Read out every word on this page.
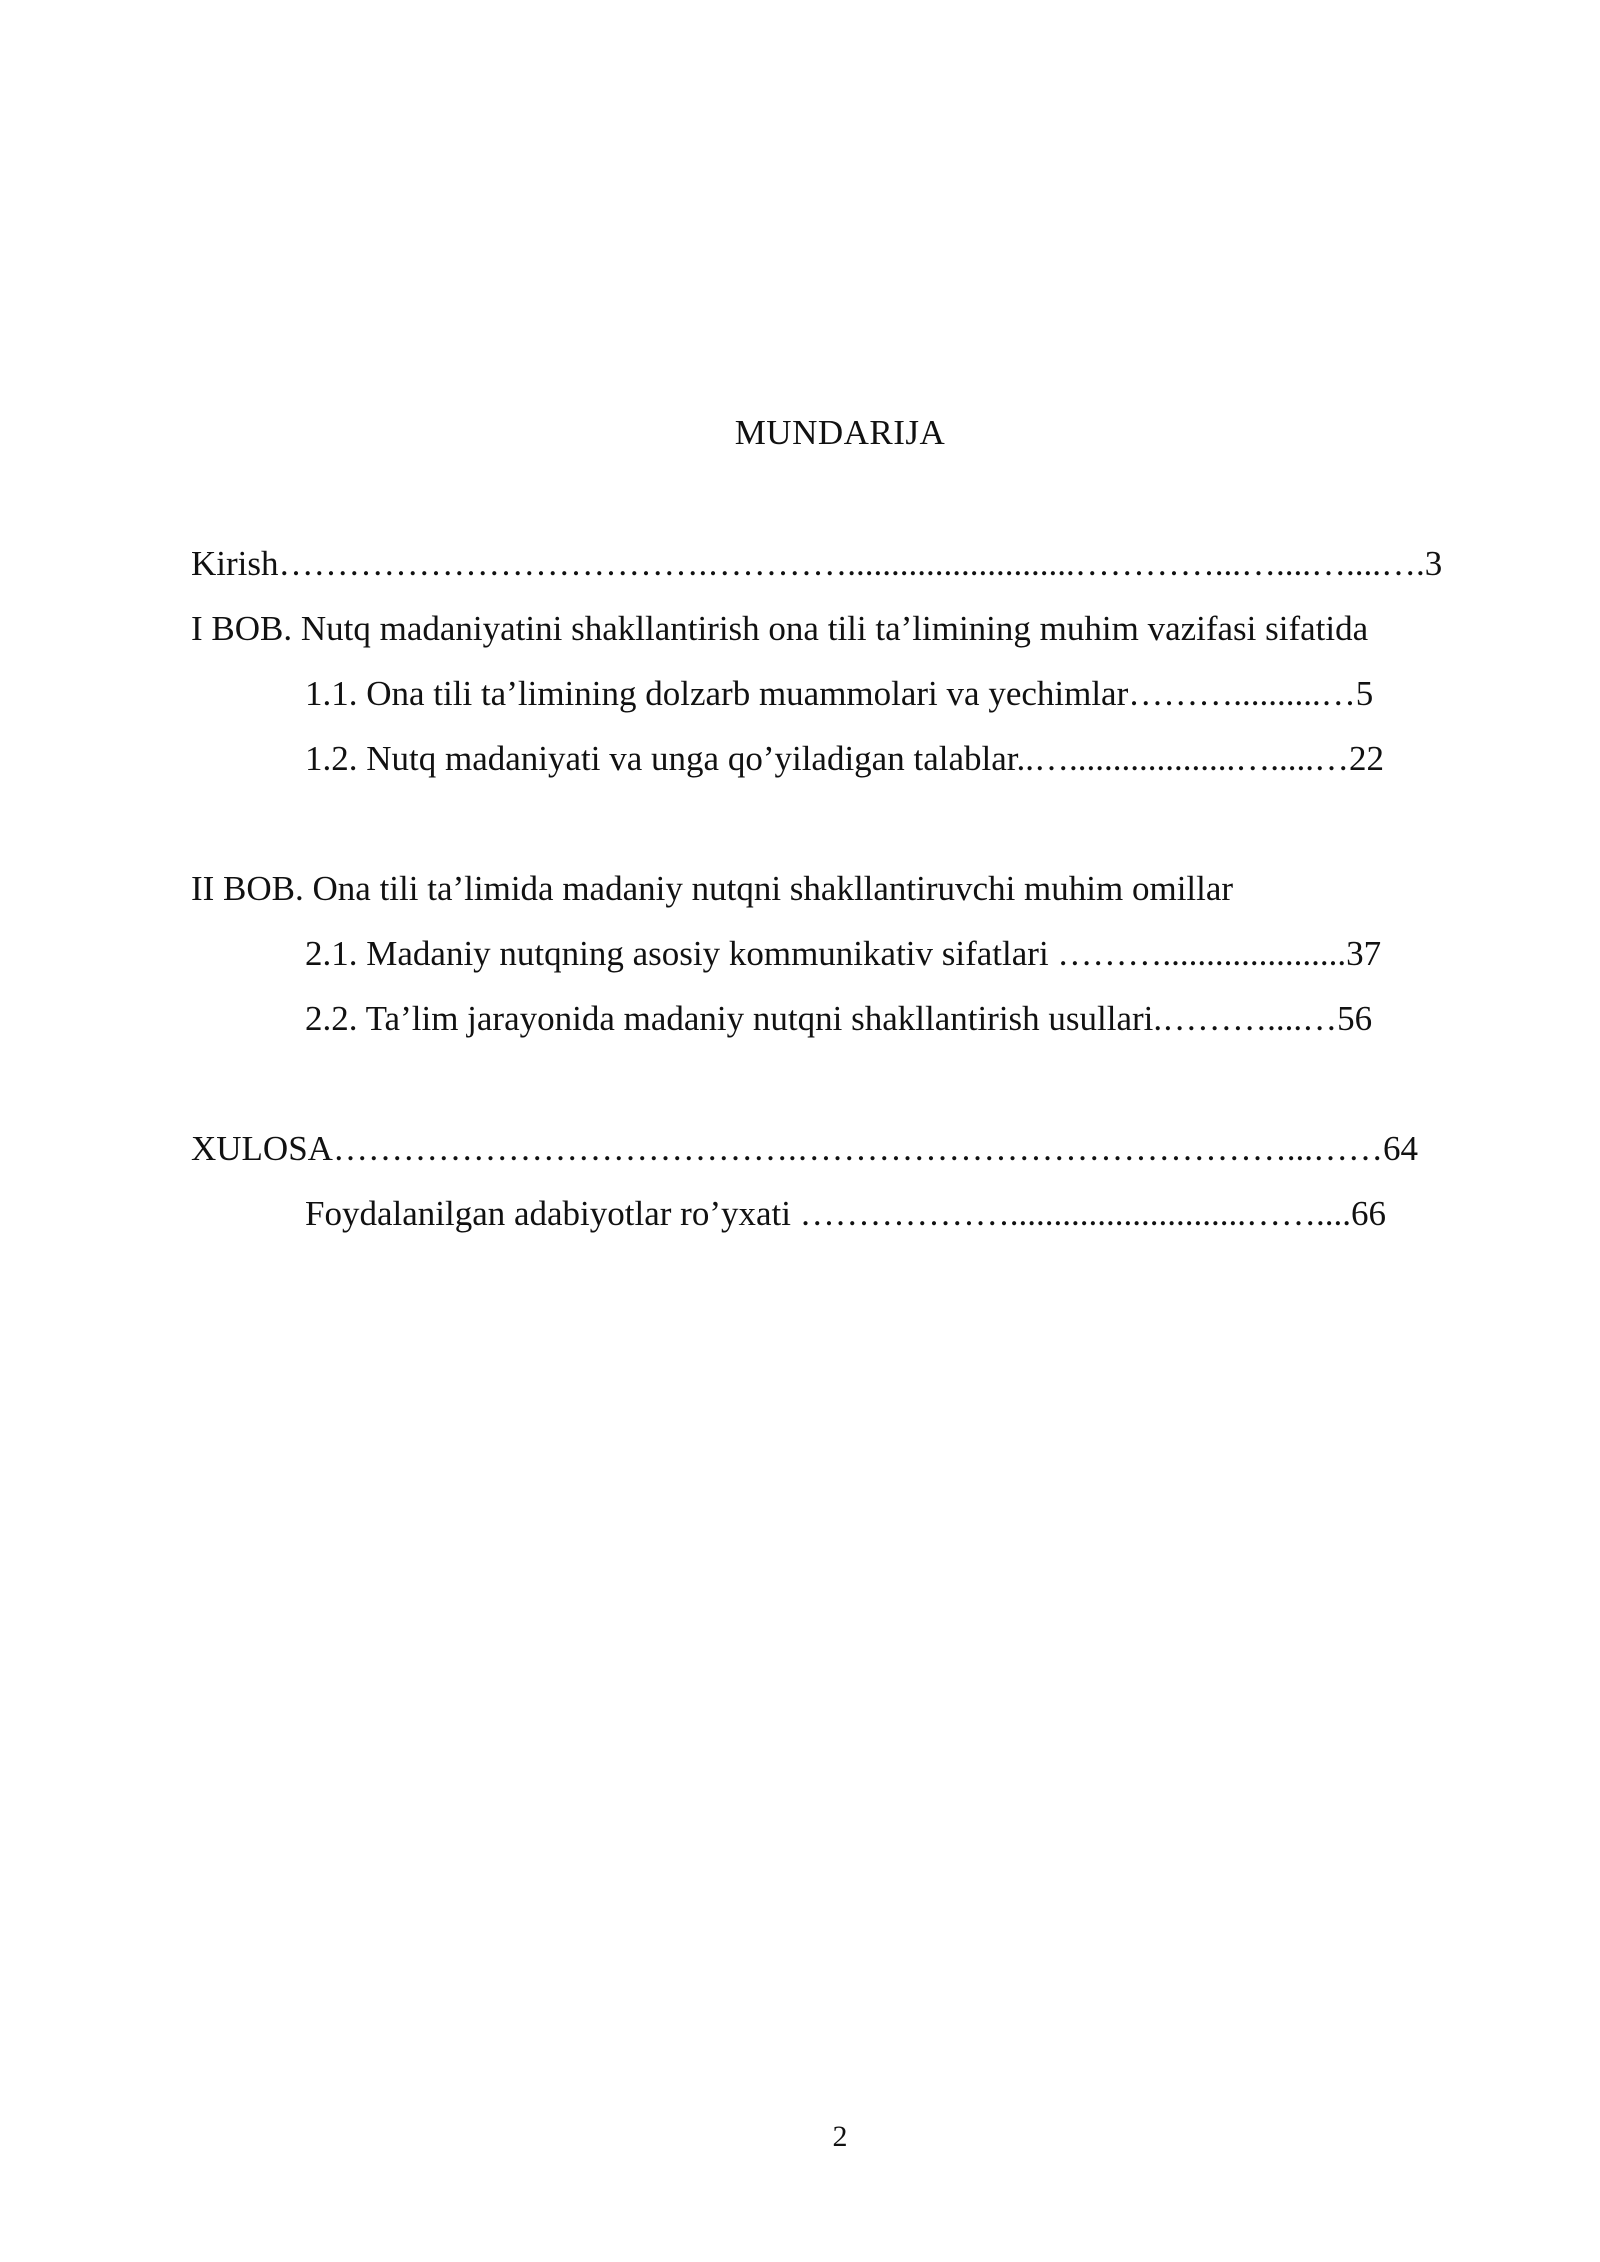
MUNDARIJA
Kirish……………………………….…………..........................…………...…....…....….3
I BOB. Nutq madaniyatini shakllantirish ona tili ta’limining muhim vazifasi sifatida
1.1. Ona tili ta’limining dolzarb muammolari va yechimlar………..........…5
1.2. Nutq madaniyati va unga qo’yiladigan talablar..…...................….....…22
II BOB. Ona tili ta’limida madaniy nutqni shakllantiruvchi muhim omillar
2.1. Madaniy nutqning asosiy kommunikativ sifatlari ……….....................37
2.2. Ta’lim jarayonida madaniy nutqni shakllantirish usullari.………....…56
XULOSA………………………………….……………………………………...……64
Foydalanilgan adabiyotlar ro’yxati ………………...........................……....66
2
